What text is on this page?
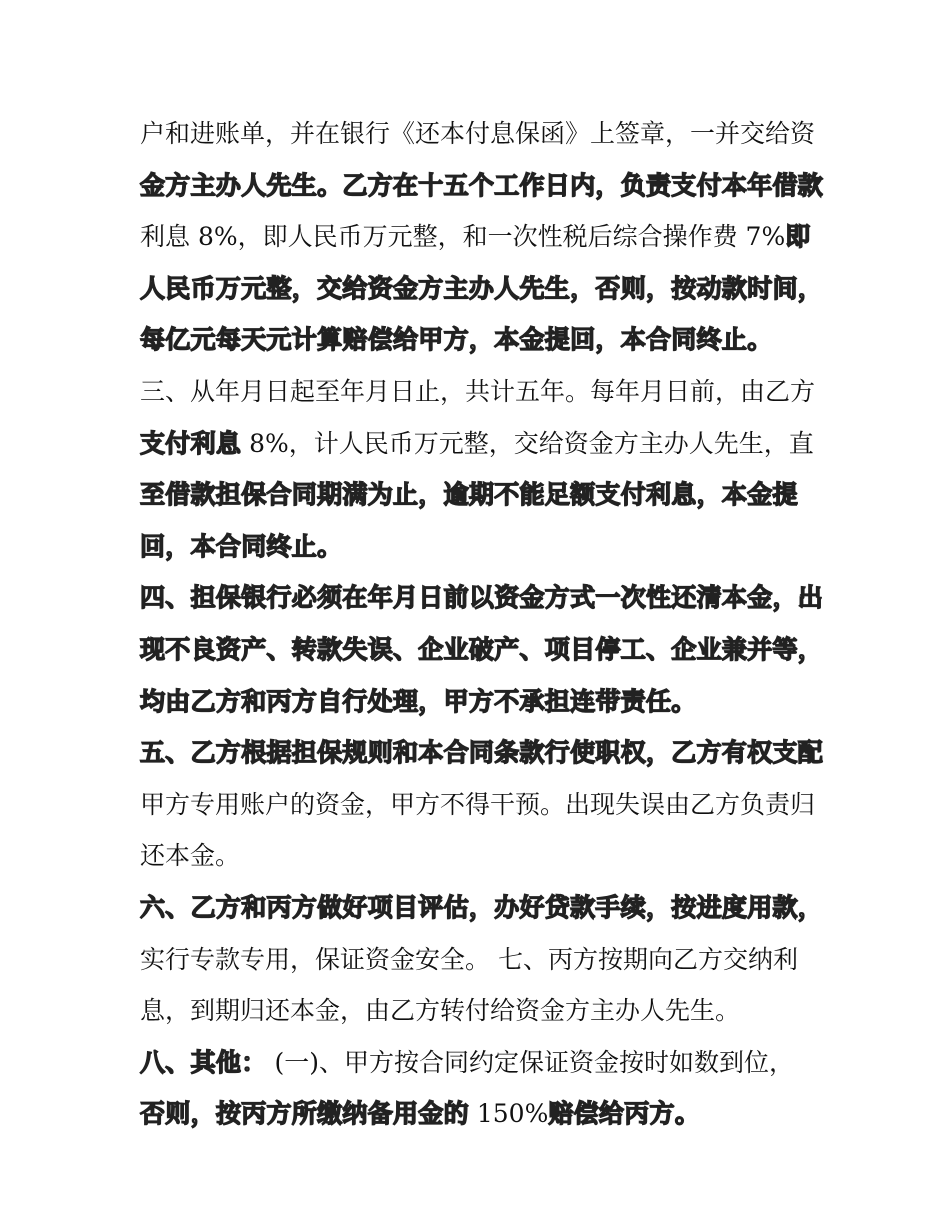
户和进账单，并在银行《还本付息保函》上签章，一并交给资
金方主办人先生。乙方在十五个工作日内，负责支付本年借款
利息 8%，即人民币万元整，和一次性税后综合操作费 7%即
人民币万元整，交给资金方主办人先生，否则，按动款时间，
每亿元每天元计算赔偿给甲方，本金提回，本合同终止。
三、从年月日起至年月日止，共计五年。每年月日前，由乙方
支付利息 8%，计人民币万元整，交给资金方主办人先生，直
至借款担保合同期满为止，逾期不能足额支付利息，本金提
回，本合同终止。
四、担保银行必须在年月日前以资金方式一次性还清本金，出
现不良资产、转款失误、企业破产、项目停工、企业兼并等，
均由乙方和丙方自行处理，甲方不承担连带责任。
五、乙方根据担保规则和本合同条款行使职权，乙方有权支配
甲方专用账户的资金，甲方不得干预。出现失误由乙方负责归
还本金。
六、乙方和丙方做好项目评估，办好贷款手续，按进度用款，
实行专款专用，保证资金安全。 七、丙方按期向乙方交纳利
息，到期归还本金，由乙方转付给资金方主办人先生。
八、其他： (一)、甲方按合同约定保证资金按时如数到位，
否则，按丙方所缴纳备用金的 150%赔偿给丙方。
